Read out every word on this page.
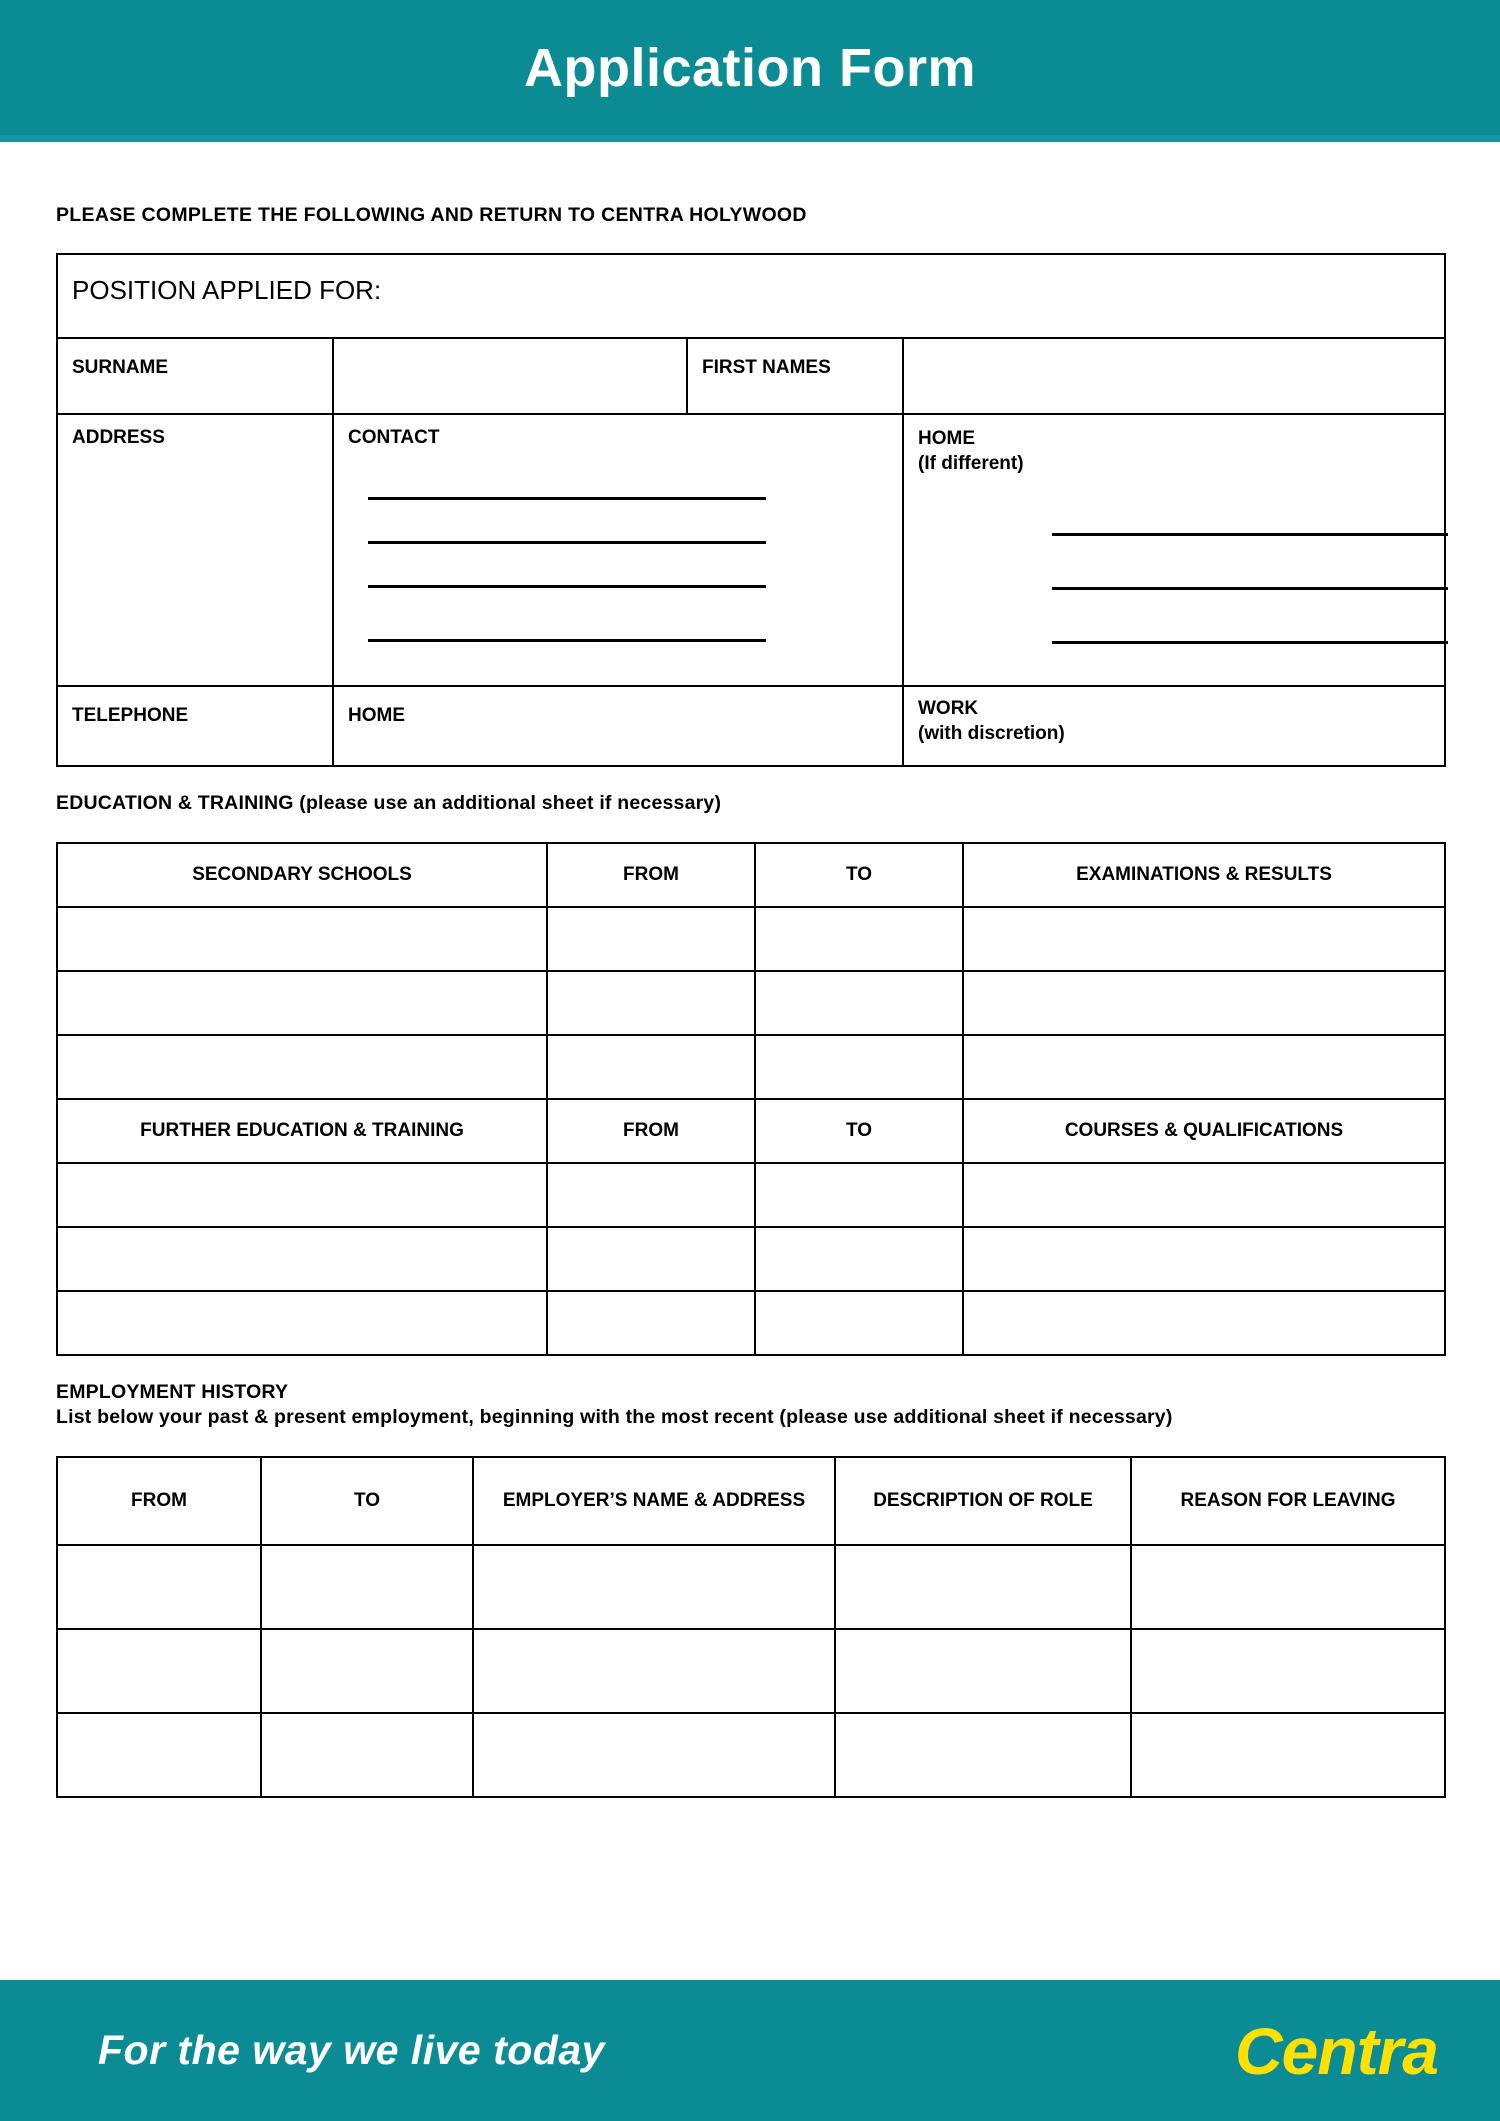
Application Form
PLEASE COMPLETE THE FOLLOWING AND RETURN TO CENTRA HOLYWOOD
POSITION APPLIED FOR:			
SURNAME		FIRST NAMES	
ADDRESS	CONTACT		HOME
(If different)

TELEPHONE	HOME		WORK
(with discretion)
EDUCATION & TRAINING (please use an additional sheet if necessary)
SECONDARY SCHOOLS	FROM	TO	EXAMINATIONS & RESULTS

FURTHER EDUCATION & TRAINING	FROM	TO	COURSES & QUALIFICATIONS

EMPLOYMENT HISTORY
List below your past & present employment, beginning with the most recent (please use additional sheet if necessary)
FROM	TO	EMPLOYER’S NAME & ADDRESS	DESCRIPTION OF ROLE	REASON FOR LEAVING

For the way we live today	Centra
